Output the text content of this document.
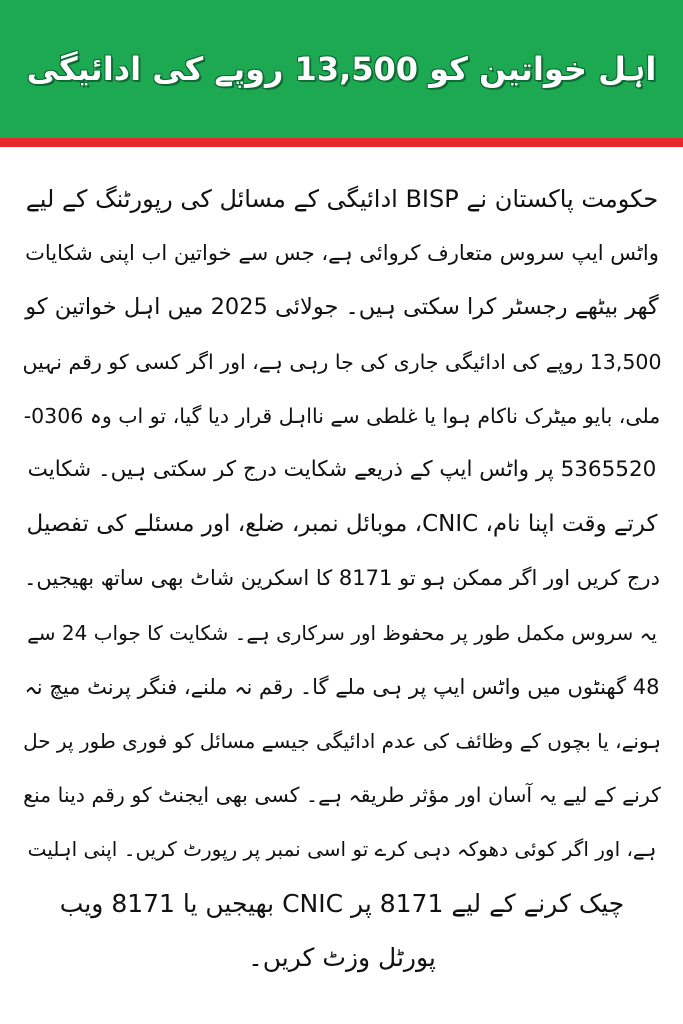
اہل خواتین کو 13,500 روپے کی ادائیگی
حکومت پاکستان نے BISP ادائیگی کے مسائل کی رپورٹنگ کے لیے
واٹس ایپ سروس متعارف کروائی ہے، جس سے خواتین اب اپنی شکایات
گھر بیٹھے رجسٹر کرا سکتی ہیں۔ جولائی 2025 میں اہل خواتین کو
13,500 روپے کی ادائیگی جاری کی جا رہی ہے، اور اگر کسی کو رقم نہیں
ملی، بایو میٹرک ناکام ہوا یا غلطی سے نااہل قرار دیا گیا، تو اب وہ 0306-
5365520 پر واٹس ایپ کے ذریعے شکایت درج کر سکتی ہیں۔ شکایت
کرتے وقت اپنا نام، CNIC، موبائل نمبر، ضلع، اور مسئلے کی تفصیل
درج کریں اور اگر ممکن ہو تو 8171 کا اسکرین شاٹ بھی ساتھ بھیجیں۔
یہ سروس مکمل طور پر محفوظ اور سرکاری ہے۔ شکایت کا جواب 24 سے
48 گھنٹوں میں واٹس ایپ پر ہی ملے گا۔ رقم نہ ملنے، فنگر پرنٹ میچ نہ
ہونے، یا بچوں کے وظائف کی عدم ادائیگی جیسے مسائل کو فوری طور پر حل
کرنے کے لیے یہ آسان اور مؤثر طریقہ ہے۔ کسی بھی ایجنٹ کو رقم دینا منع
ہے، اور اگر کوئی دھوکہ دہی کرے تو اسی نمبر پر رپورٹ کریں۔ اپنی اہلیت
چیک کرنے کے لیے 8171 پر CNIC بھیجیں یا 8171 ویب
پورٹل وزٹ کریں۔
